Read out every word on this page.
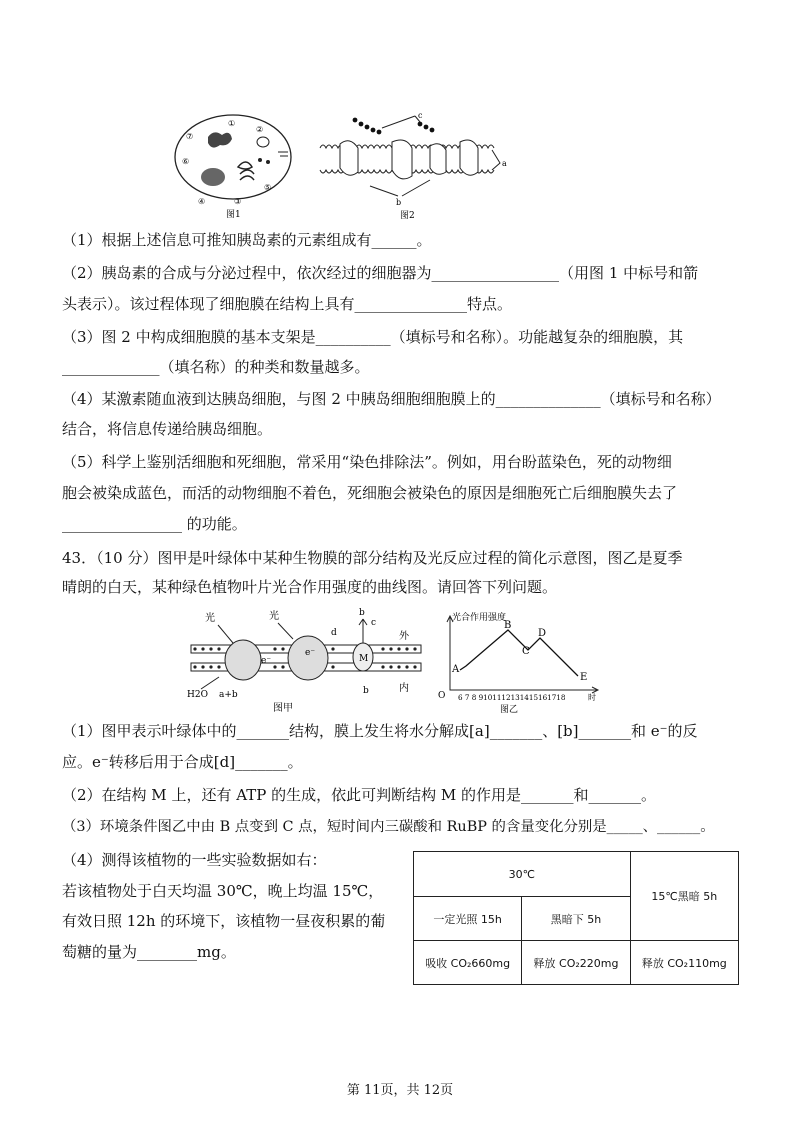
⑦
⑥
①
②
③
④
⑤
图1
c
b
a
图2
（1）根据上述信息可推知胰岛素的元素组成有______。
（2）胰岛素的合成与分泌过程中，依次经过的细胞器为_________________（用图 1 中标号和箭
头表示）。该过程体现了细胞膜在结构上具有_______________特点。
（3）图 2 中构成细胞膜的基本支架是__________（填标号和名称）。功能越复杂的细胞膜，其
_____________（填名称）的种类和数量越多。
（4）某激素随血液到达胰岛细胞，与图 2 中胰岛细胞细胞膜上的______________（填标号和名称）
结合，将信息传递给胰岛细胞。
（5）科学上鉴别活细胞和死细胞，常采用“染色排除法”。例如，用台盼蓝染色，死的动物细
胞会被染成蓝色，而活的动物细胞不着色，死细胞会被染色的原因是细胞死亡后细胞膜失去了
________________ 的功能。
43．（10 分）图甲是叶绿体中某种生物膜的部分结构及光反应过程的简化示意图，图乙是夏季
晴朗的白天，某种绿色植物叶片光合作用强度的曲线图。请回答下列问题。
光	光
e⁻
e⁻
M
b
c
d	外
内
b
H2O a+b
图甲
光合作用强度
A
B
C
D
E
O 6 7 8 9101112131415161718	时
图乙
（1）图甲表示叶绿体中的_______结构，膜上发生将水分解成[a]_______、[b]_______和 e⁻的反
应。e⁻转移后用于合成[d]_______。
（2）在结构 M 上，还有 ATP 的生成，依此可判断结构 M 的作用是_______和_______。
（3）环境条件图乙中由 B 点变到 C 点，短时间内三碳酸和 RuBP 的含量变化分别是_____、______。
（4）测得该植物的一些实验数据如右：
若该植物处于白天均温 30℃，晚上均温 15℃，
有效日照 12h 的环境下，该植物一昼夜积累的葡
萄糖的量为________mg。
30℃		15℃黑暗 5h
一定光照 15h	黑暗下 5h	
吸收 CO₂660mg	释放 CO₂220mg	释放 CO₂110mg
第 11页，共 12页
